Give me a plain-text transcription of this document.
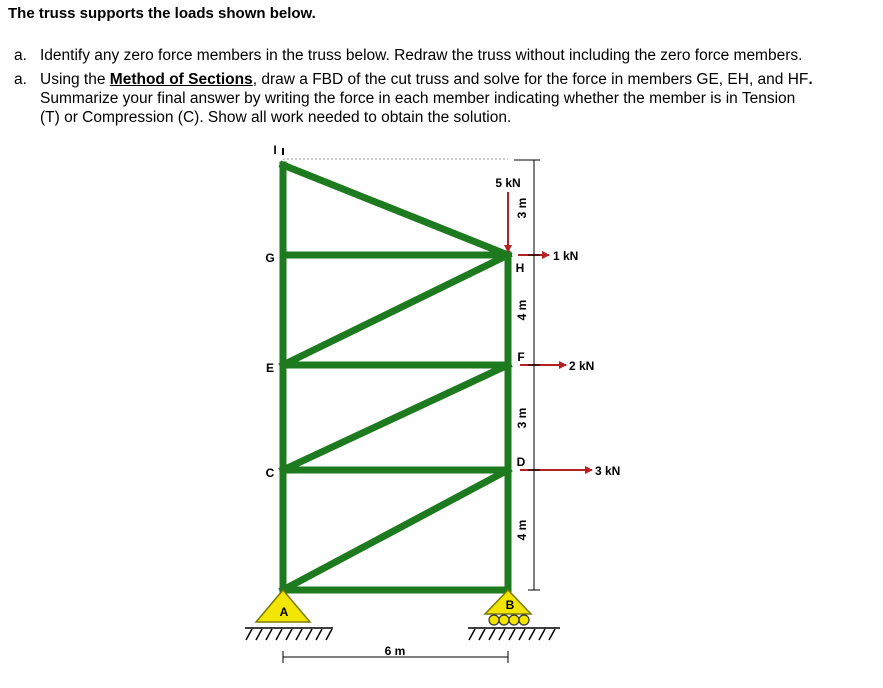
The truss supports the loads shown below.
a. Identify any zero force members in the truss below. Redraw the truss without including the zero force members.
a. Using the Method of Sections, draw a FBD of the cut truss and solve for the force in members GE, EH, and HF.
Summarize your final answer by writing the force in each member indicating whether the member is in Tension
(T) or Compression (C). Show all work needed to obtain the solution.
I
G
E
C
H
F
D
A	B
5 kN
1 kN
2 kN
3 kN
3 m
4 m
3 m
4 m
6 m
